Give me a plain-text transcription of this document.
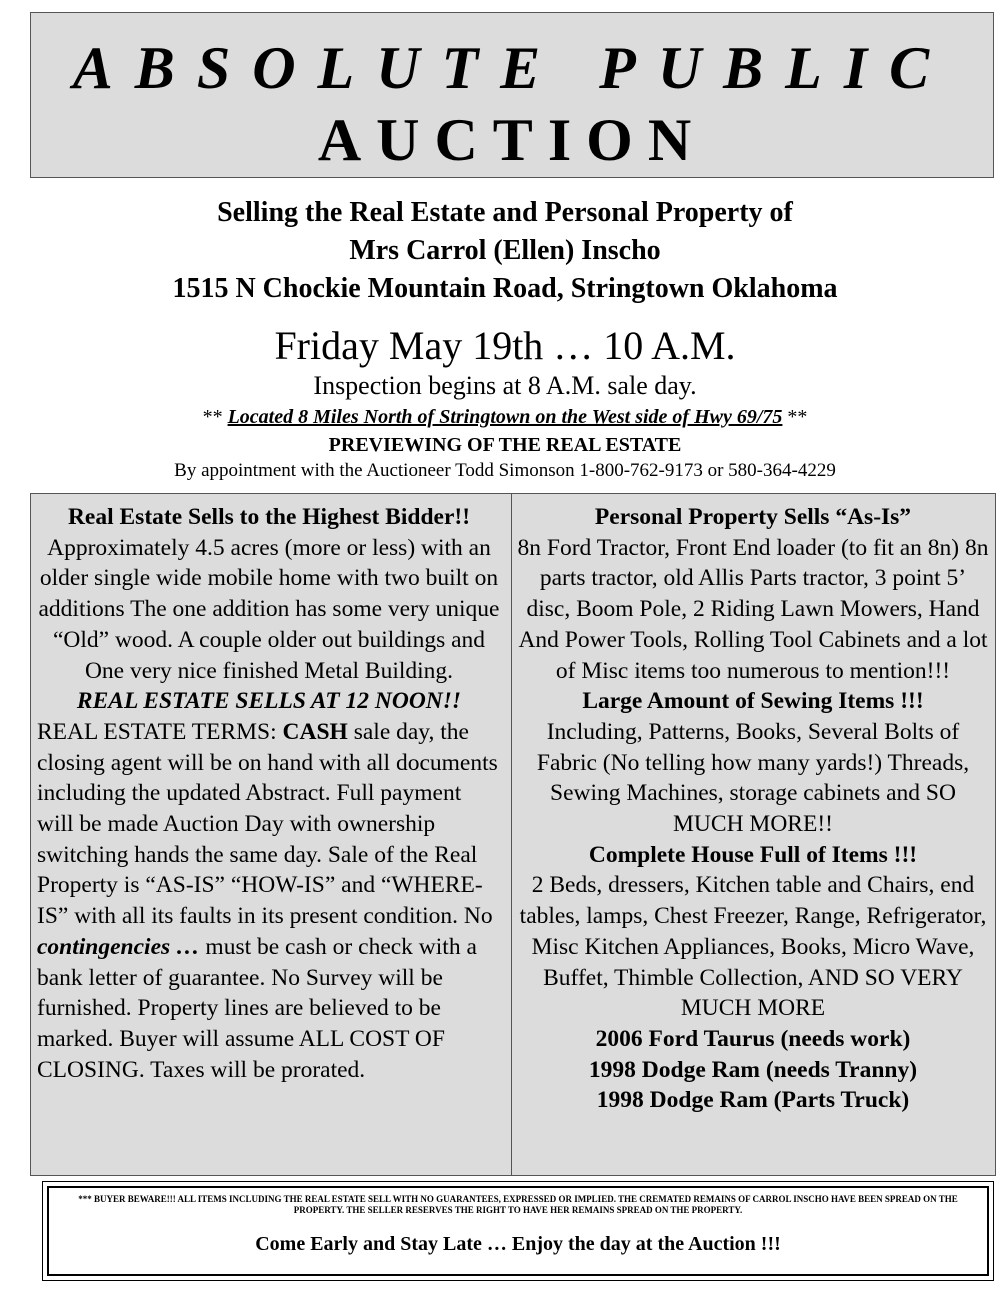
ABSOLUTE PUBLIC
AUCTION
Selling the Real Estate and Personal Property of
Mrs Carrol (Ellen) Inscho
1515 N Chockie Mountain Road, Stringtown Oklahoma
Friday May 19th … 10 A.M.
Inspection begins at 8 A.M. sale day.
** Located 8 Miles North of Stringtown on the West side of Hwy 69/75 **
PREVIEWING OF THE REAL ESTATE
By appointment with the Auctioneer Todd Simonson 1-800-762-9173 or 580-364-4229

Real Estate Sells to the Highest Bidder!!

Approximately 4.5 acres (more or less) with an older single wide mobile home with two built on additions The one addition has some very unique “Old” wood. A couple older out buildings and One very nice finished Metal Building.

REAL ESTATE SELLS AT 12 NOON!!

REAL ESTATE TERMS: CASH sale day, the closing agent will be on hand with all documents including the updated Abstract. Full payment will be made Auction Day with ownership switching hands the same day. Sale of the Real Property is “AS-IS” “HOW-IS” and “WHERE-IS” with all its faults in its present condition. No contingencies … must be cash or check with a bank letter of guarantee. No Survey will be furnished. Property lines are believed to be marked. Buyer will assume ALL COST OF CLOSING. Taxes will be prorated.

Personal Property Sells “As-Is”

8n Ford Tractor, Front End loader (to fit an 8n) 8n parts tractor, old Allis Parts tractor, 3 point 5’ disc, Boom Pole, 2 Riding Lawn Mowers, Hand And Power Tools, Rolling Tool Cabinets and a lot of Misc items too numerous to mention!!!

Large Amount of Sewing Items !!!

Including, Patterns, Books, Several Bolts of Fabric (No telling how many yards!) Threads, Sewing Machines, storage cabinets and SO MUCH MORE!!

Complete House Full of Items !!!

2 Beds, dressers, Kitchen table and Chairs, end tables, lamps, Chest Freezer, Range, Refrigerator, Misc Kitchen Appliances, Books, Micro Wave, Buffet, Thimble Collection, AND SO VERY MUCH MORE

2006 Ford Taurus (needs work)

1998 Dodge Ram (needs Tranny)

1998 Dodge Ram (Parts Truck)

*** BUYER BEWARE!!! ALL ITEMS INCLUDING THE REAL ESTATE SELL WITH NO GUARANTEES, EXPRESSED OR IMPLIED. THE CREMATED REMAINS OF CARROL INSCHO HAVE BEEN SPREAD ON THE PROPERTY. THE SELLER RESERVES THE RIGHT TO HAVE HER REMAINS SPREAD ON THE PROPERTY.
Come Early and Stay Late … Enjoy the day at the Auction !!!
